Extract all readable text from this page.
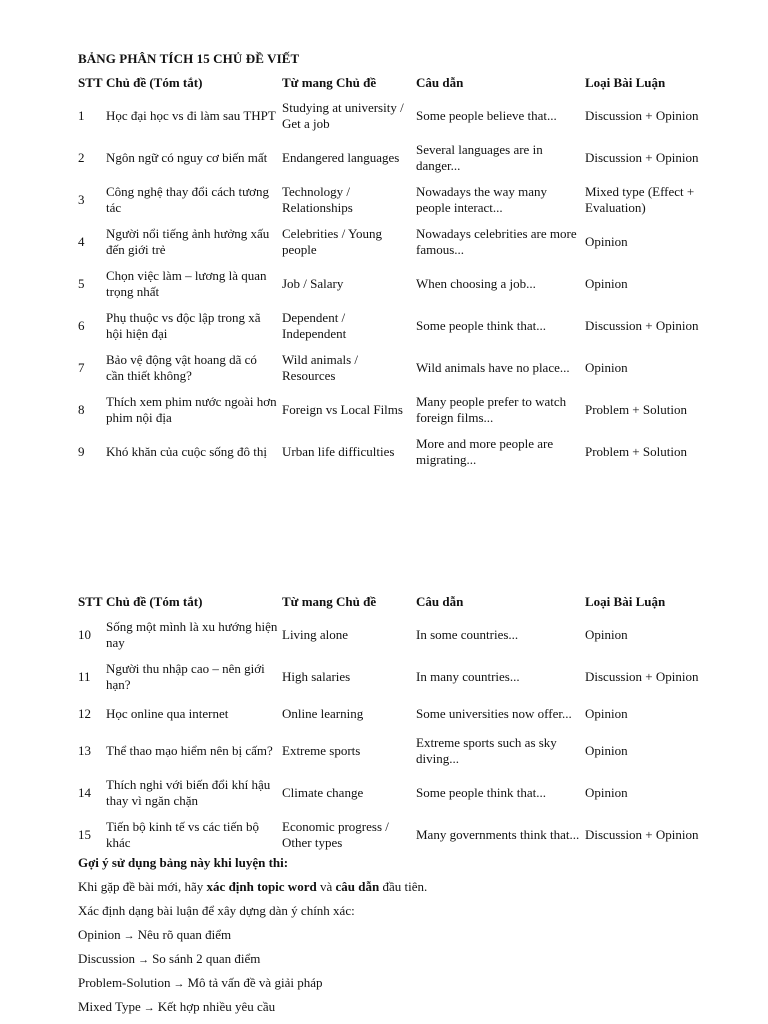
BẢNG PHÂN TÍCH 15 CHỦ ĐỀ VIẾT
STT	Chủ đề (Tóm tắt)	Từ mang Chủ đề	Câu dẫn	Loại Bài Luận
1	Học đại học vs đi làm sau THPT	Studying at university / Get a job	Some people believe that...	Discussion + Opinion
2	Ngôn ngữ có nguy cơ biến mất	Endangered languages	Several languages are in danger...	Discussion + Opinion
3	Công nghệ thay đổi cách tương tác	Technology / Relationships	Nowadays the way many people interact...	Mixed type (Effect + Evaluation)
4	Người nổi tiếng ảnh hưởng xấu đến giới trẻ	Celebrities / Young people	Nowadays celebrities are more famous...	Opinion
5	Chọn việc làm – lương là quan trọng nhất	Job / Salary	When choosing a job...	Opinion
6	Phụ thuộc vs độc lập trong xã hội hiện đại	Dependent / Independent	Some people think that...	Discussion + Opinion
7	Bảo vệ động vật hoang dã có cần thiết không?	Wild animals / Resources	Wild animals have no place...	Opinion
8	Thích xem phim nước ngoài hơn phim nội địa	Foreign vs Local Films	Many people prefer to watch foreign films...	Problem + Solution
9	Khó khăn của cuộc sống đô thị	Urban life difficulties	More and more people are migrating...	Problem + Solution
STT	Chủ đề (Tóm tắt)	Từ mang Chủ đề	Câu dẫn	Loại Bài Luận
10	Sống một mình là xu hướng hiện nay	Living alone	In some countries...	Opinion
11	Người thu nhập cao – nên giới hạn?	High salaries	In many countries...	Discussion + Opinion
12	Học online qua internet	Online learning	Some universities now offer...	Opinion
13	Thể thao mạo hiểm nên bị cấm?	Extreme sports	Extreme sports such as sky diving...	Opinion
14	Thích nghi với biến đổi khí hậu thay vì ngăn chặn	Climate change	Some people think that...	Opinion
15	Tiến bộ kinh tế vs các tiến bộ khác	Economic progress / Other types	Many governments think that...	Discussion + Opinion

Gợi ý sử dụng bảng này khi luyện thi:

Khi gặp đề bài mới, hãy xác định topic word và câu dẫn đầu tiên.

Xác định dạng bài luận để xây dựng dàn ý chính xác:

Opinion → Nêu rõ quan điểm

Discussion → So sánh 2 quan điểm

Problem-Solution → Mô tả vấn đề và giải pháp

Mixed Type → Kết hợp nhiều yêu cầu
